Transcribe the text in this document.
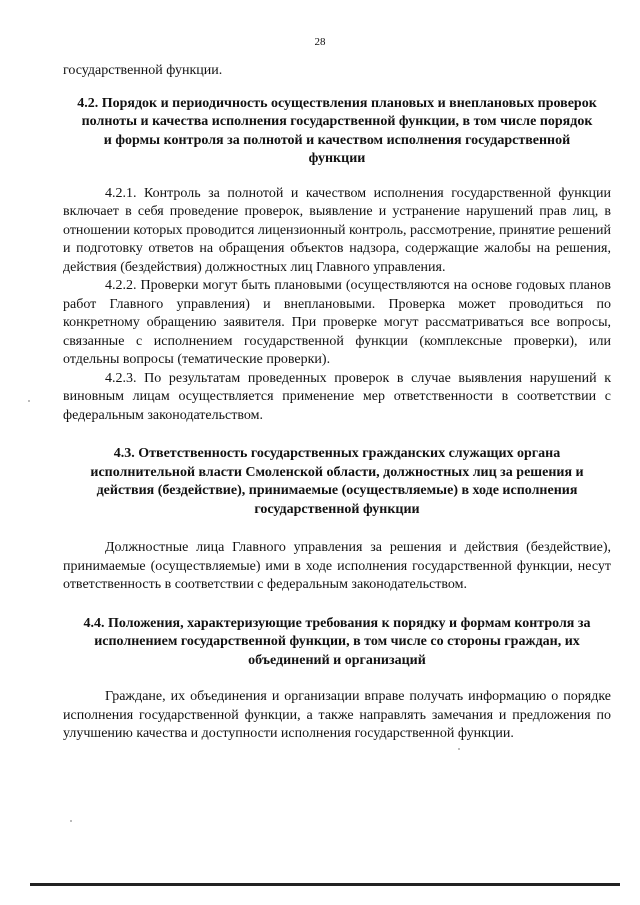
28

государственной функции.

4.2. Порядок и периодичность осуществления плановых и внеплановых проверок полноты и качества исполнения государственной функции, в том числе порядок и формы контроля за полнотой и качеством исполнения государственной функции

4.2.1. Контроль за полнотой и качеством исполнения государственной функции включает в себя проведение проверок, выявление и устранение нарушений прав лиц, в отношении которых проводится лицензионный контроль, рассмотрение, принятие решений и подготовку ответов на обращения объектов надзора, содержащие жалобы на решения, действия (бездействия) должностных лиц Главного управления.

4.2.2. Проверки могут быть плановыми (осуществляются на основе годовых планов работ Главного управления) и внеплановыми. Проверка может проводиться по конкретному обращению заявителя. При проверке могут рассматриваться все вопросы, связанные с исполнением государственной функции (комплексные проверки), или отдельны вопросы (тематические проверки).

4.2.3. По результатам проведенных проверок в случае выявления нарушений к виновным лицам осуществляется применение мер ответственности в соответствии с федеральным законодательством.

4.3. Ответственность государственных гражданских служащих органа исполнительной власти Смоленской области, должностных лиц за решения и действия (бездействие), принимаемые (осуществляемые) в ходе исполнения государственной функции

Должностные лица Главного управления за решения и действия (бездействие), принимаемые (осуществляемые) ими в ходе исполнения государственной функции, несут ответственность в соответствии с федеральным законодательством.

4.4. Положения, характеризующие требования к порядку и формам контроля за исполнением государственной функции, в том числе со стороны граждан, их объединений и организаций

Граждане, их объединения и организации вправе получать информацию о порядке исполнения государственной функции, а также направлять замечания и предложения по улучшению качества и доступности исполнения государственной функции.
